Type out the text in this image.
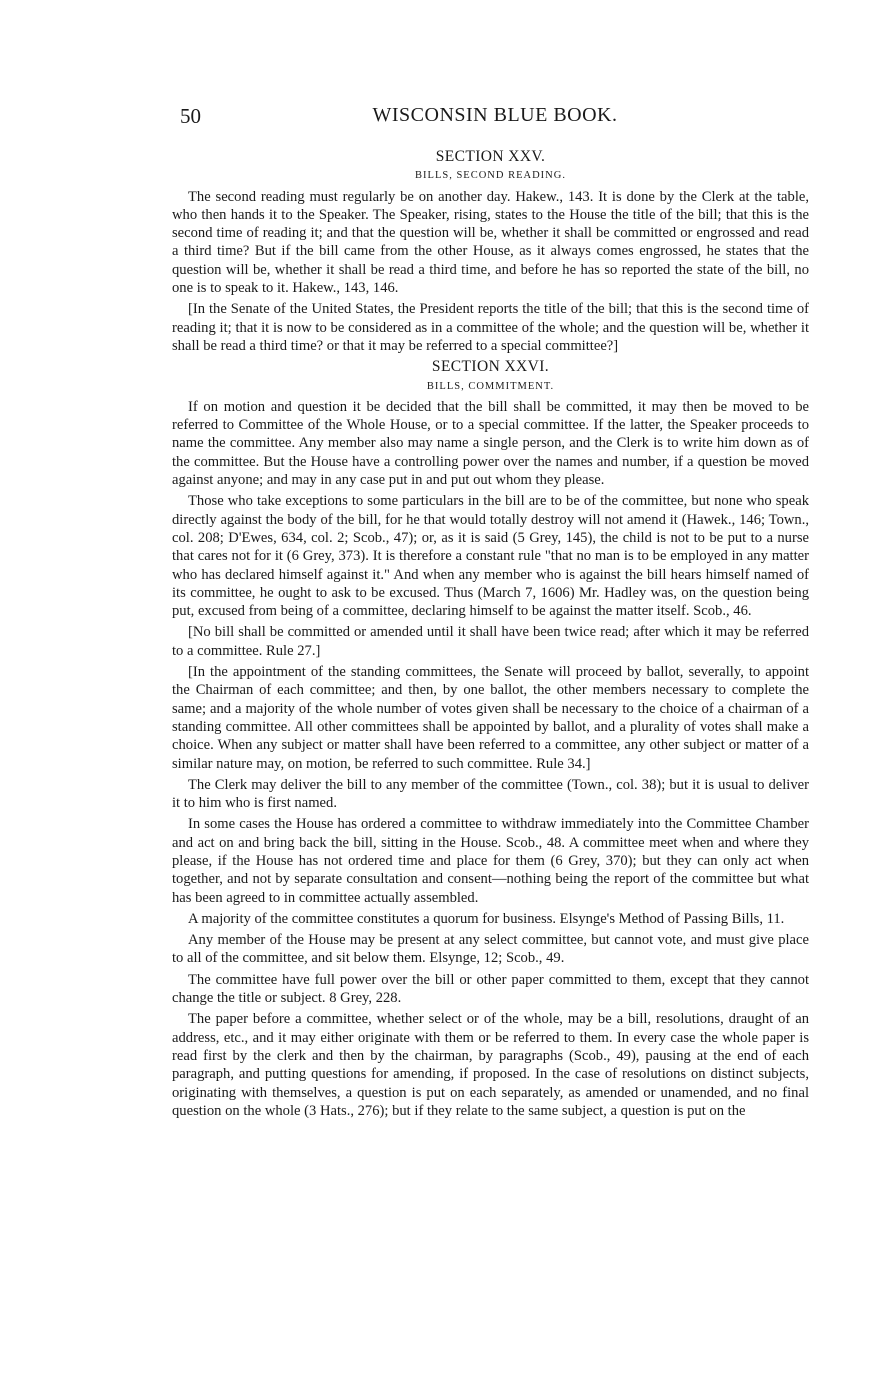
50	WISCONSIN BLUE BOOK.

SECTION XXV.

BILLS, SECOND READING.

The second reading must regularly be on another day. Hakew., 143. It is done by the Clerk at the table, who then hands it to the Speaker. The Speaker, rising, states to the House the title of the bill; that this is the second time of reading it; and that the question will be, whether it shall be committed or engrossed and read a third time? But if the bill came from the other House, as it always comes engrossed, he states that the question will be, whether it shall be read a third time, and before he has so reported the state of the bill, no one is to speak to it. Hakew., 143, 146.

[In the Senate of the United States, the President reports the title of the bill; that this is the second time of reading it; that it is now to be considered as in a committee of the whole; and the question will be, whether it shall be read a third time? or that it may be referred to a special committee?]

SECTION XXVI.

BILLS, COMMITMENT.

If on motion and question it be decided that the bill shall be committed, it may then be moved to be referred to Committee of the Whole House, or to a special committee. If the latter, the Speaker proceeds to name the committee. Any member also may name a single person, and the Clerk is to write him down as of the committee. But the House have a controlling power over the names and number, if a question be moved against anyone; and may in any case put in and put out whom they please.

Those who take exceptions to some particulars in the bill are to be of the committee, but none who speak directly against the body of the bill, for he that would totally destroy will not amend it (Hawek., 146; Town., col. 208; D'Ewes, 634, col. 2; Scob., 47); or, as it is said (5 Grey, 145), the child is not to be put to a nurse that cares not for it (6 Grey, 373). It is therefore a constant rule "that no man is to be employed in any matter who has declared himself against it." And when any member who is against the bill hears himself named of its committee, he ought to ask to be excused. Thus (March 7, 1606) Mr. Hadley was, on the question being put, excused from being of a committee, declaring himself to be against the matter itself. Scob., 46.

[No bill shall be committed or amended until it shall have been twice read; after which it may be referred to a committee. Rule 27.]

[In the appointment of the standing committees, the Senate will proceed by ballot, severally, to appoint the Chairman of each committee; and then, by one ballot, the other members necessary to complete the same; and a majority of the whole number of votes given shall be necessary to the choice of a chairman of a standing committee. All other committees shall be appointed by ballot, and a plurality of votes shall make a choice. When any subject or matter shall have been referred to a committee, any other subject or matter of a similar nature may, on motion, be referred to such committee. Rule 34.]

The Clerk may deliver the bill to any member of the committee (Town., col. 38); but it is usual to deliver it to him who is first named.

In some cases the House has ordered a committee to withdraw immediately into the Committee Chamber and act on and bring back the bill, sitting in the House. Scob., 48. A committee meet when and where they please, if the House has not ordered time and place for them (6 Grey, 370); but they can only act when together, and not by separate consultation and consent—nothing being the report of the committee but what has been agreed to in committee actually assembled.

A majority of the committee constitutes a quorum for business. Elsynge's Method of Passing Bills, 11.

Any member of the House may be present at any select committee, but cannot vote, and must give place to all of the committee, and sit below them. Elsynge, 12; Scob., 49.

The committee have full power over the bill or other paper committed to them, except that they cannot change the title or subject. 8 Grey, 228.

The paper before a committee, whether select or of the whole, may be a bill, resolutions, draught of an address, etc., and it may either originate with them or be referred to them. In every case the whole paper is read first by the clerk and then by the chairman, by paragraphs (Scob., 49), pausing at the end of each paragraph, and putting questions for amending, if proposed. In the case of resolutions on distinct subjects, originating with themselves, a question is put on each separately, as amended or unamended, and no final question on the whole (3 Hats., 276); but if they relate to the same subject, a question is put on the
